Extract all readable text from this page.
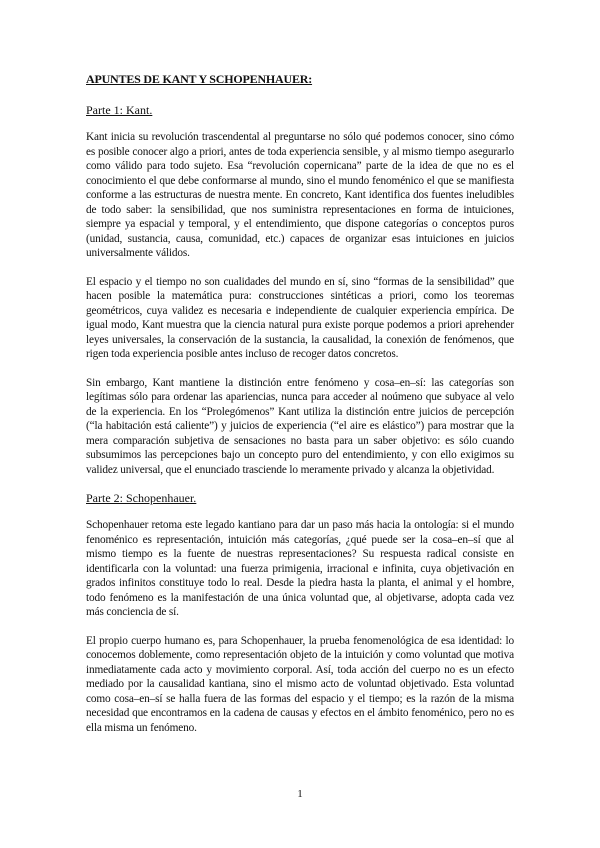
APUNTES DE KANT Y SCHOPENHAUER:

Parte 1: Kant.

Kant inicia su revolución trascendental al preguntarse no sólo qué podemos conocer, sino cómo es posible conocer algo a priori, antes de toda experiencia sensible, y al mismo tiempo asegurarlo como válido para todo sujeto. Esa “revolución copernicana” parte de la idea de que no es el conocimiento el que debe conformarse al mundo, sino el mundo fenoménico el que se manifiesta conforme a las estructuras de nuestra mente. En concreto, Kant identifica dos fuentes ineludibles de todo saber: la sensibilidad, que nos suministra representaciones en forma de intuiciones, siempre ya espacial y temporal, y el entendimiento, que dispone categorías o conceptos puros (unidad, sustancia, causa, comunidad, etc.) capaces de organizar esas intuiciones en juicios universalmente válidos.

El espacio y el tiempo no son cualidades del mundo en sí, sino “formas de la sensibilidad” que hacen posible la matemática pura: construcciones sintéticas a priori, como los teoremas geométricos, cuya validez es necesaria e independiente de cualquier experiencia empírica. De igual modo, Kant muestra que la ciencia natural pura existe porque podemos a priori aprehender leyes universales, la conservación de la sustancia, la causalidad, la conexión de fenómenos, que rigen toda experiencia posible antes incluso de recoger datos concretos.

Sin embargo, Kant mantiene la distinción entre fenómeno y cosa–en–sí: las categorías son legítimas sólo para ordenar las apariencias, nunca para acceder al noúmeno que subyace al velo de la experiencia. En los “Prolegómenos” Kant utiliza la distinción entre juicios de percepción (“la habitación está caliente”) y juicios de experiencia (“el aire es elástico”) para mostrar que la mera comparación subjetiva de sensaciones no basta para un saber objetivo: es sólo cuando subsumimos las percepciones bajo un concepto puro del entendimiento, y con ello exigimos su validez universal, que el enunciado trasciende lo meramente privado y alcanza la objetividad.

Parte 2: Schopenhauer.

Schopenhauer retoma este legado kantiano para dar un paso más hacia la ontología: si el mundo fenoménico es representación, intuición más categorías, ¿qué puede ser la cosa–en–sí que al mismo tiempo es la fuente de nuestras representaciones? Su respuesta radical consiste en identificarla con la voluntad: una fuerza primigenia, irracional e infinita, cuya objetivación en grados infinitos constituye todo lo real. Desde la piedra hasta la planta, el animal y el hombre, todo fenómeno es la manifestación de una única voluntad que, al objetivarse, adopta cada vez más conciencia de sí.

El propio cuerpo humano es, para Schopenhauer, la prueba fenomenológica de esa identidad: lo conocemos doblemente, como representación objeto de la intuición y como voluntad que motiva inmediatamente cada acto y movimiento corporal. Así, toda acción del cuerpo no es un efecto mediado por la causalidad kantiana, sino el mismo acto de voluntad objetivado. Esta voluntad como cosa–en–sí se halla fuera de las formas del espacio y el tiempo; es la razón de la misma necesidad que encontramos en la cadena de causas y efectos en el ámbito fenoménico, pero no es ella misma un fenómeno.

1
